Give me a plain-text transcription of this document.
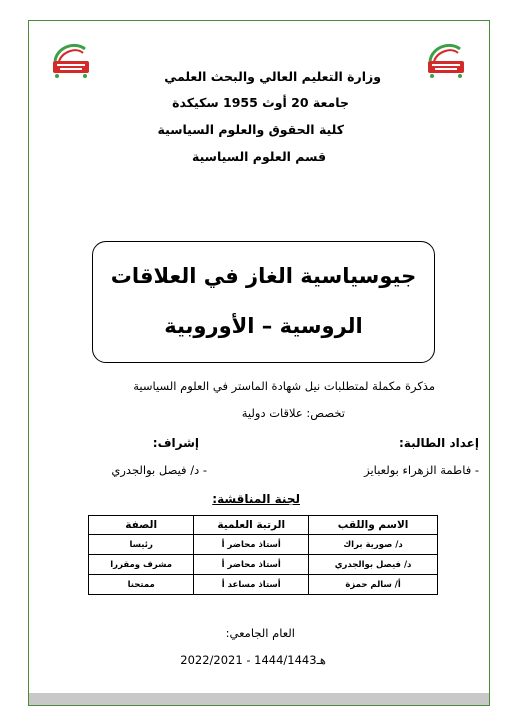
وزارة التعليم العالي والبحث العلمي
جامعة 20 أوث 1955 سكيكدة
كلية الحقوق والعلوم السياسية
قسم العلوم السياسية
جيوسياسية الغاز في العلاقات
الروسية – الأوروبية
مذكرة مكملة لمتطلبات نيل شهادة الماستر في العلوم السياسية
تخصص: علاقات دولية
إعداد الطالبة:
إشراف:
- فاطمة الزهراء بولعبايز
- د/ فيصل بوالجدري
لجنة المناقشة:
الاسم واللقب	الرتبة العلمية	الصفة
د/ صورية براك	أستاذ محاضر أ	رئيسا
د/ فيصل بوالجدري	أستاذ محاضر أ	مشرف ومقررا
أ/ سالم حمزة	أستاذ مساعد أ	ممتحنا
العام الجامعي:
2022/2021 - 1444/1443هـ
